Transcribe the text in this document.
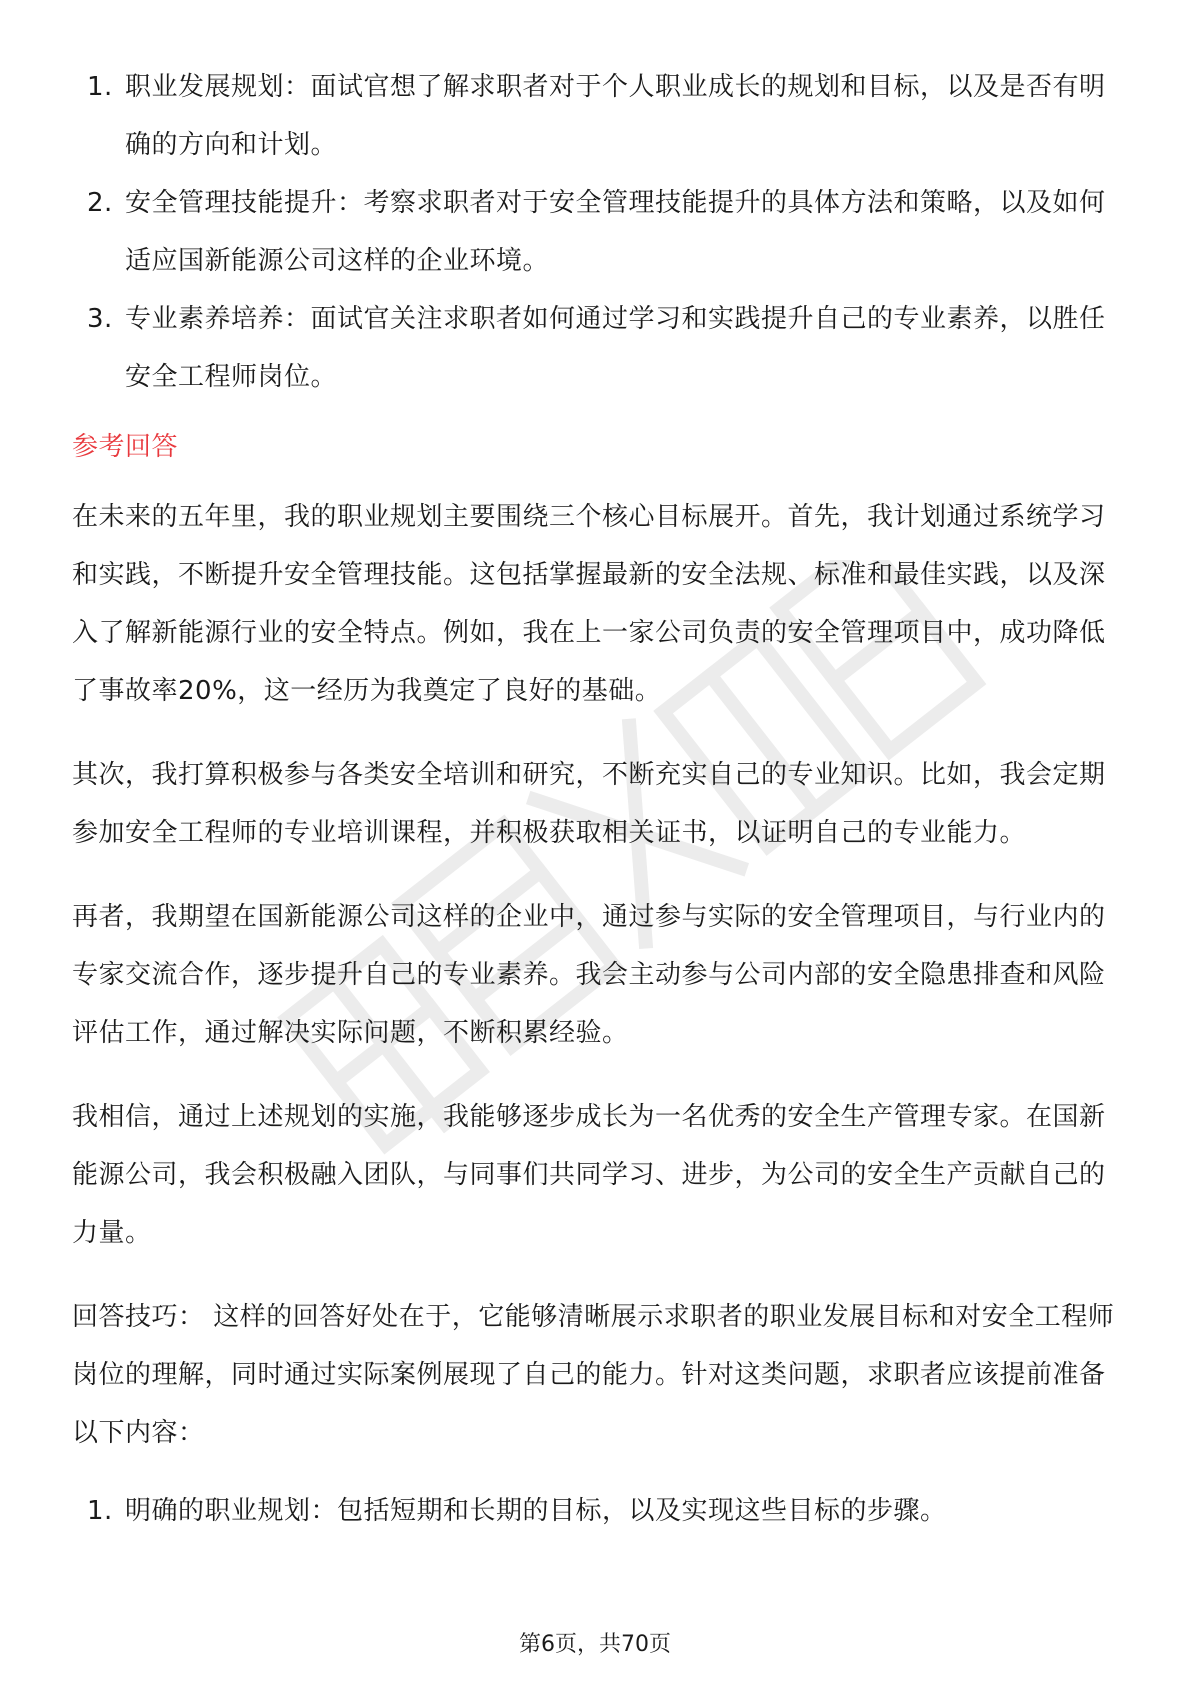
1. 职业发展规划：面试官想了解求职者对于个人职业成长的规划和目标，以及是否有明确的方向和计划。
2. 安全管理技能提升：考察求职者对于安全管理技能提升的具体方法和策略，以及如何适应国新能源公司这样的企业环境。
3. 专业素养培养：面试官关注求职者如何通过学习和实践提升自己的专业素养，以胜任安全工程师岗位。
参考回答

在未来的五年里，我的职业规划主要围绕三个核心目标展开。首先，我计划通过系统学习和实践，不断提升安全管理技能。这包括掌握最新的安全法规、标准和最佳实践，以及深入了解新能源行业的安全特点。例如，我在上一家公司负责的安全管理项目中，成功降低了事故率20%，这一经历为我奠定了良好的基础。

其次，我打算积极参与各类安全培训和研究，不断充实自己的专业知识。比如，我会定期参加安全工程师的专业培训课程，并积极获取相关证书，以证明自己的专业能力。

再者，我期望在国新能源公司这样的企业中，通过参与实际的安全管理项目，与行业内的专家交流合作，逐步提升自己的专业素养。我会主动参与公司内部的安全隐患排查和风险评估工作，通过解决实际问题，不断积累经验。

我相信，通过上述规划的实施，我能够逐步成长为一名优秀的安全生产管理专家。在国新能源公司，我会积极融入团队，与同事们共同学习、进步，为公司的安全生产贡献自己的力量。

回答技巧： 这样的回答好处在于，它能够清晰展示求职者的职业发展目标和对安全工程师岗位的理解，同时通过实际案例展现了自己的能力。针对这类问题，求职者应该提前准备以下内容：

1. 明确的职业规划：包括短期和长期的目标，以及实现这些目标的步骤。
第6页，共70页
